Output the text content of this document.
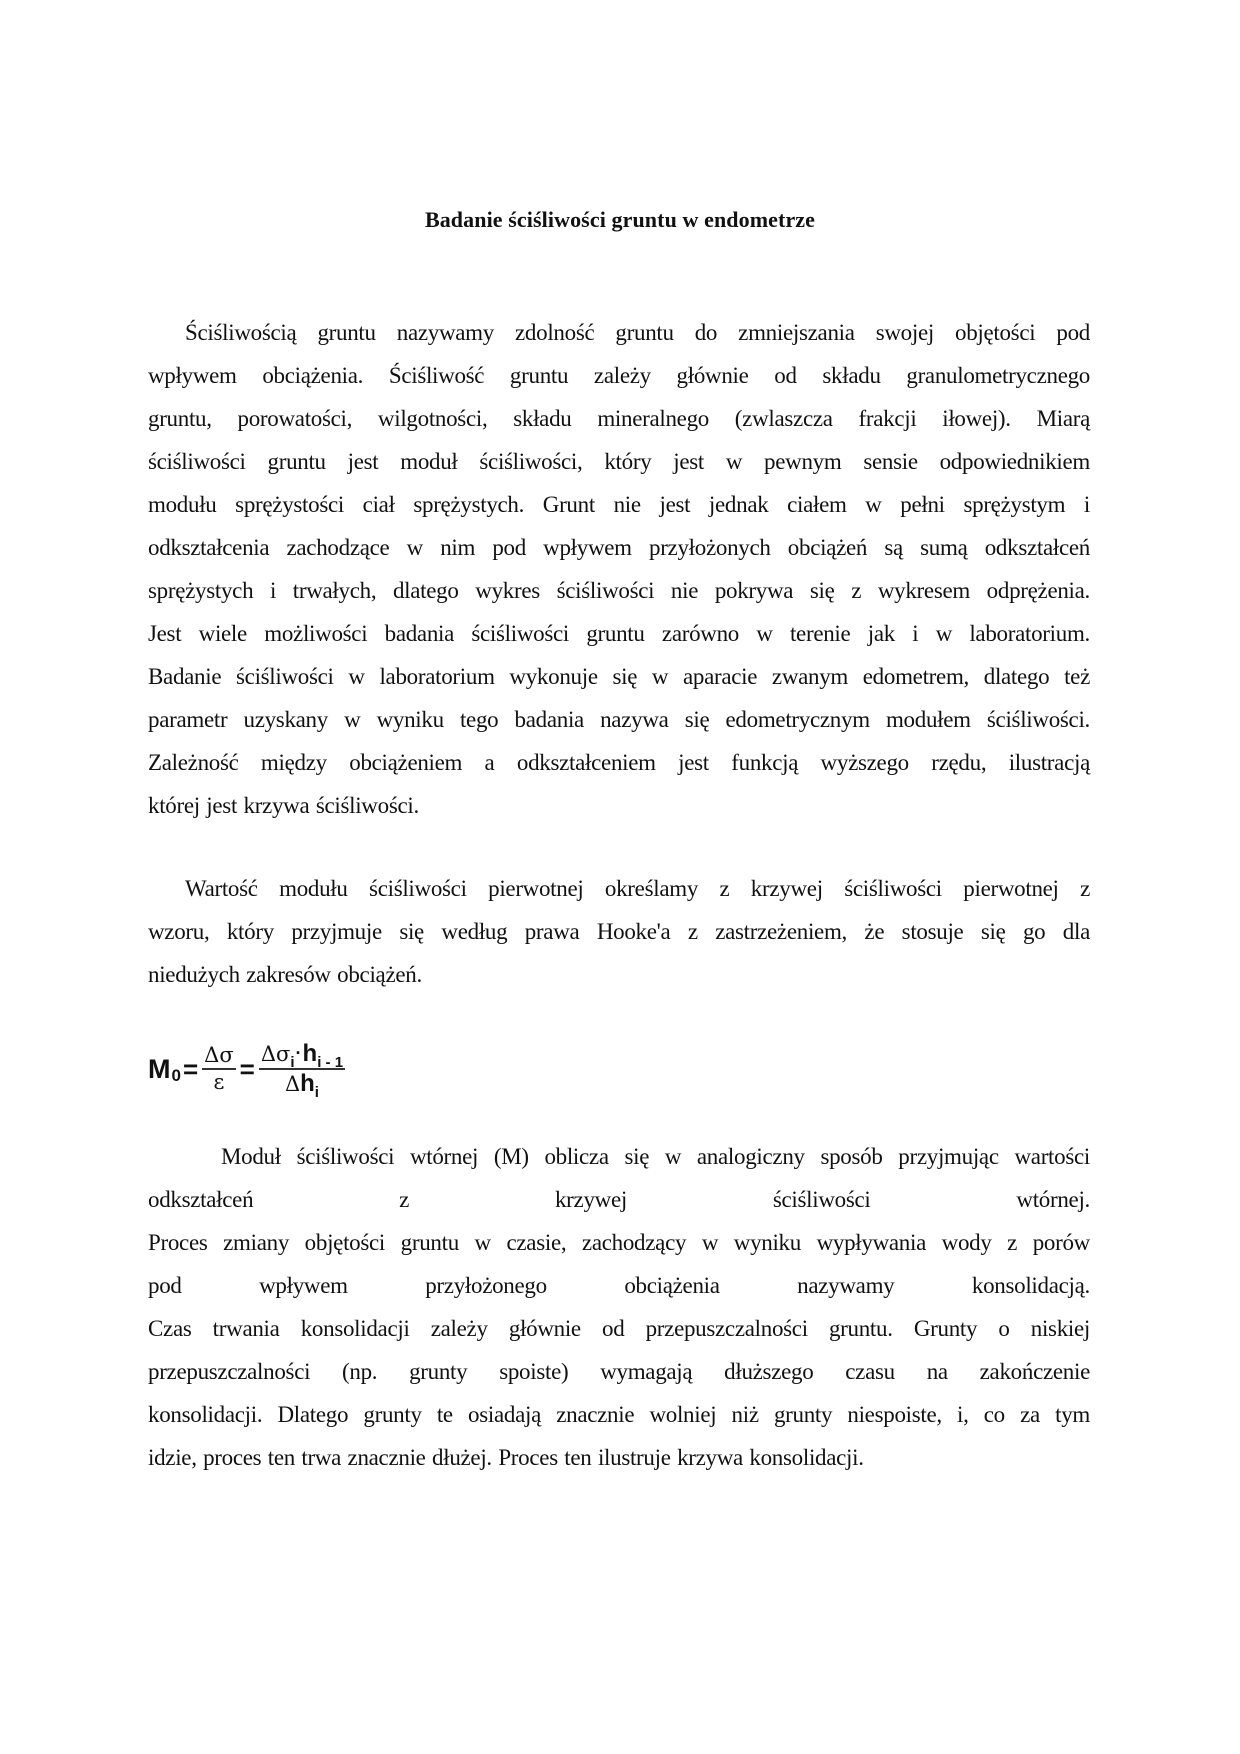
Badanie ściśliwości gruntu w endometrze
Ściśliwością gruntu nazywamy zdolność gruntu do zmniejszania swojej objętości pod
wpływem obciążenia. Ściśliwość gruntu zależy głównie od składu granulometrycznego
gruntu, porowatości, wilgotności, składu mineralnego (zwlaszcza frakcji iłowej). Miarą
ściśliwości gruntu jest moduł ściśliwości, który jest w pewnym sensie odpowiednikiem
modułu sprężystości ciał sprężystych. Grunt nie jest jednak ciałem w pełni sprężystym i
odkształcenia zachodzące w nim pod wpływem przyłożonych obciążeń są sumą odkształceń
sprężystych i trwałych, dlatego wykres ściśliwości nie pokrywa się z wykresem odprężenia.
Jest wiele możliwości badania ściśliwości gruntu zarówno w terenie jak i w laboratorium.
Badanie ściśliwości w laboratorium wykonuje się w aparacie zwanym edometrem, dlatego też
parametr uzyskany w wyniku tego badania nazywa się edometrycznym modułem ściśliwości.
Zależność między obciążeniem a odkształceniem jest funkcją wyższego rzędu, ilustracją
której jest krzywa ściśliwości.
Wartość modułu ściśliwości pierwotnej określamy z krzywej ściśliwości pierwotnej z
wzoru, który przyjmuje się według prawa Hooke'a z zastrzeżeniem, że stosuje się go dla
niedużych zakresów obciążeń.
M $0 = \frac{\Delta\sigma}{\varepsilon} = \frac{\text{Δσi·hi - 1}}{\text{Δhi}}$
Moduł ściśliwości wtórnej (M) oblicza się w analogiczny sposób przyjmując wartości
odkształceń z krzywej ściśliwości wtórnej.
Proces zmiany objętości gruntu w czasie, zachodzący w wyniku wypływania wody z porów
pod wpływem przyłożonego obciążenia nazywamy konsolidacją.
Czas trwania konsolidacji zależy głównie od przepuszczalności gruntu. Grunty o niskiej
przepuszczalności (np. grunty spoiste) wymagają dłuższego czasu na zakończenie
konsolidacji. Dlatego grunty te osiadają znacznie wolniej niż grunty niespoiste, i, co za tym
idzie, proces ten trwa znacznie dłużej. Proces ten ilustruje krzywa konsolidacji.
